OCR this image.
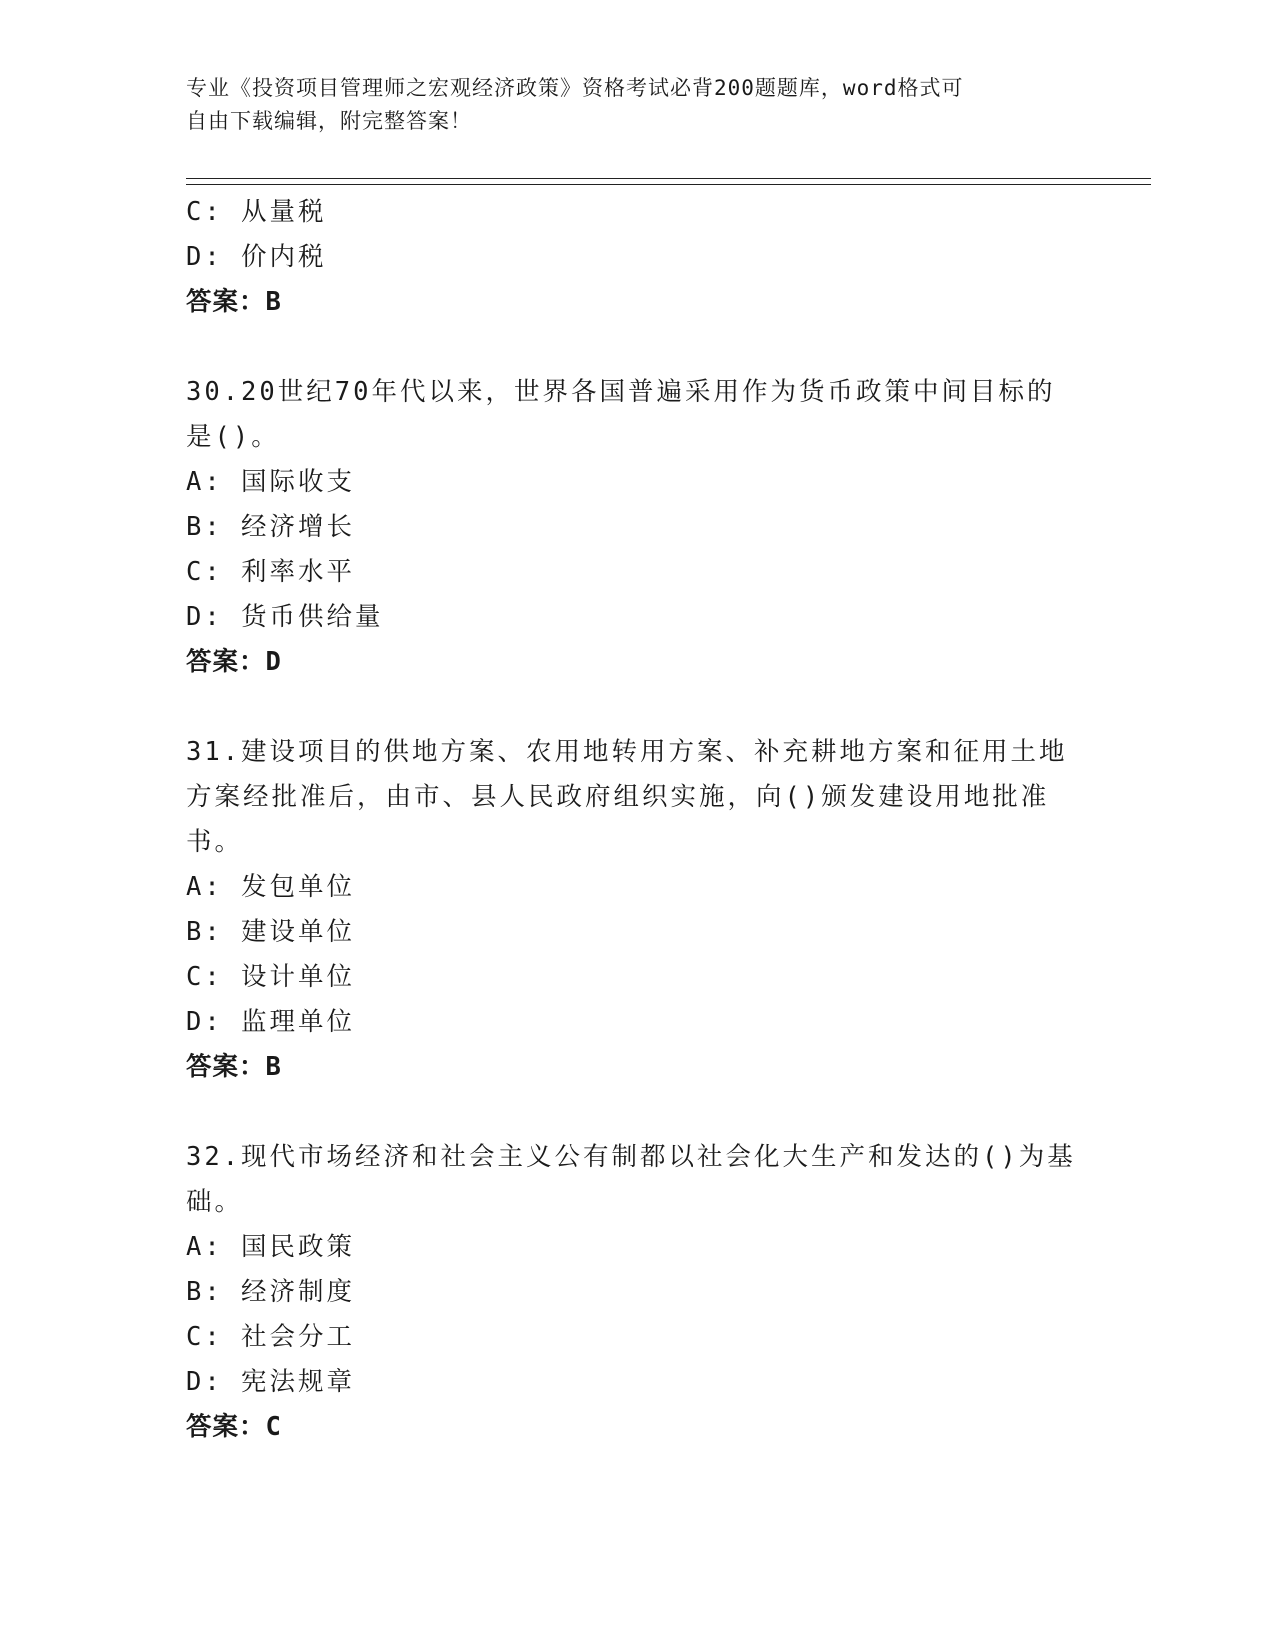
专业《投资项目管理师之宏观经济政策》资格考试必背200题题库，word格式可
自由下载编辑，附完整答案！
C: 从量税
D: 价内税
答案：B
30.20世纪70年代以来，世界各国普遍采用作为货币政策中间目标的
是()。
A: 国际收支
B: 经济增长
C: 利率水平
D: 货币供给量
答案：D
31.建设项目的供地方案、农用地转用方案、补充耕地方案和征用土地
方案经批准后，由市、县人民政府组织实施，向()颁发建设用地批准
书。
A: 发包单位
B: 建设单位
C: 设计单位
D: 监理单位
答案：B
32.现代市场经济和社会主义公有制都以社会化大生产和发达的()为基
础。
A: 国民政策
B: 经济制度
C: 社会分工
D: 宪法规章
答案：C
